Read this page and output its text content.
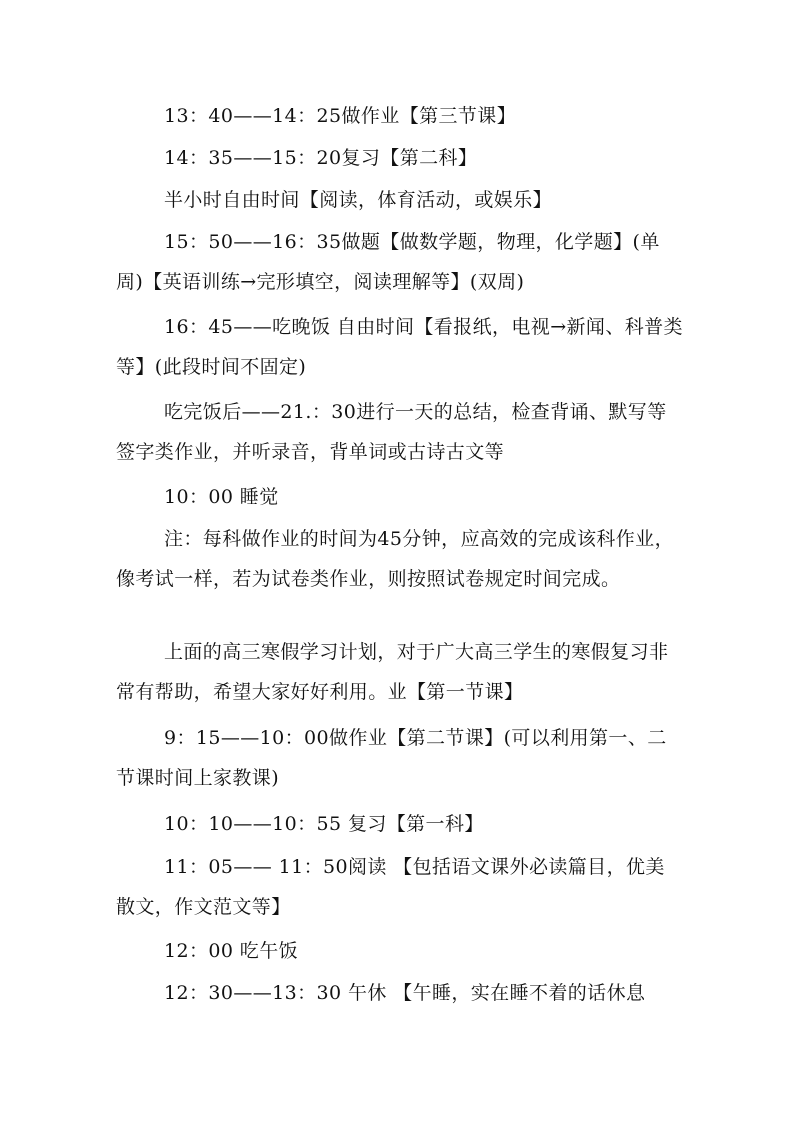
13：40——14：25做作业【第三节课】

14：35——15：20复习【第二科】

半小时自由时间【阅读，体育活动，或娱乐】

15：50——16：35做题【做数学题，物理，化学题】(单周)【英语训练→完形填空，阅读理解等】(双周)

16：45——吃晚饭 自由时间【看报纸，电视→新闻、科普类等】(此段时间不固定)

吃完饭后——21.：30进行一天的总结，检查背诵、默写等签字类作业，并听录音，背单词或古诗古文等

10：00 睡觉

注：每科做作业的时间为45分钟，应高效的完成该科作业，像考试一样，若为试卷类作业，则按照试卷规定时间完成。

上面的高三寒假学习计划，对于广大高三学生的寒假复习非常有帮助，希望大家好好利用。业【第一节课】

9：15——10：00做作业【第二节课】(可以利用第一、二节课时间上家教课)

10：10——10：55 复习【第一科】

11：05—— 11：50阅读 【包括语文课外必读篇目，优美散文，作文范文等】

12：00 吃午饭

12：30——13：30 午休 【午睡，实在睡不着的话休息
